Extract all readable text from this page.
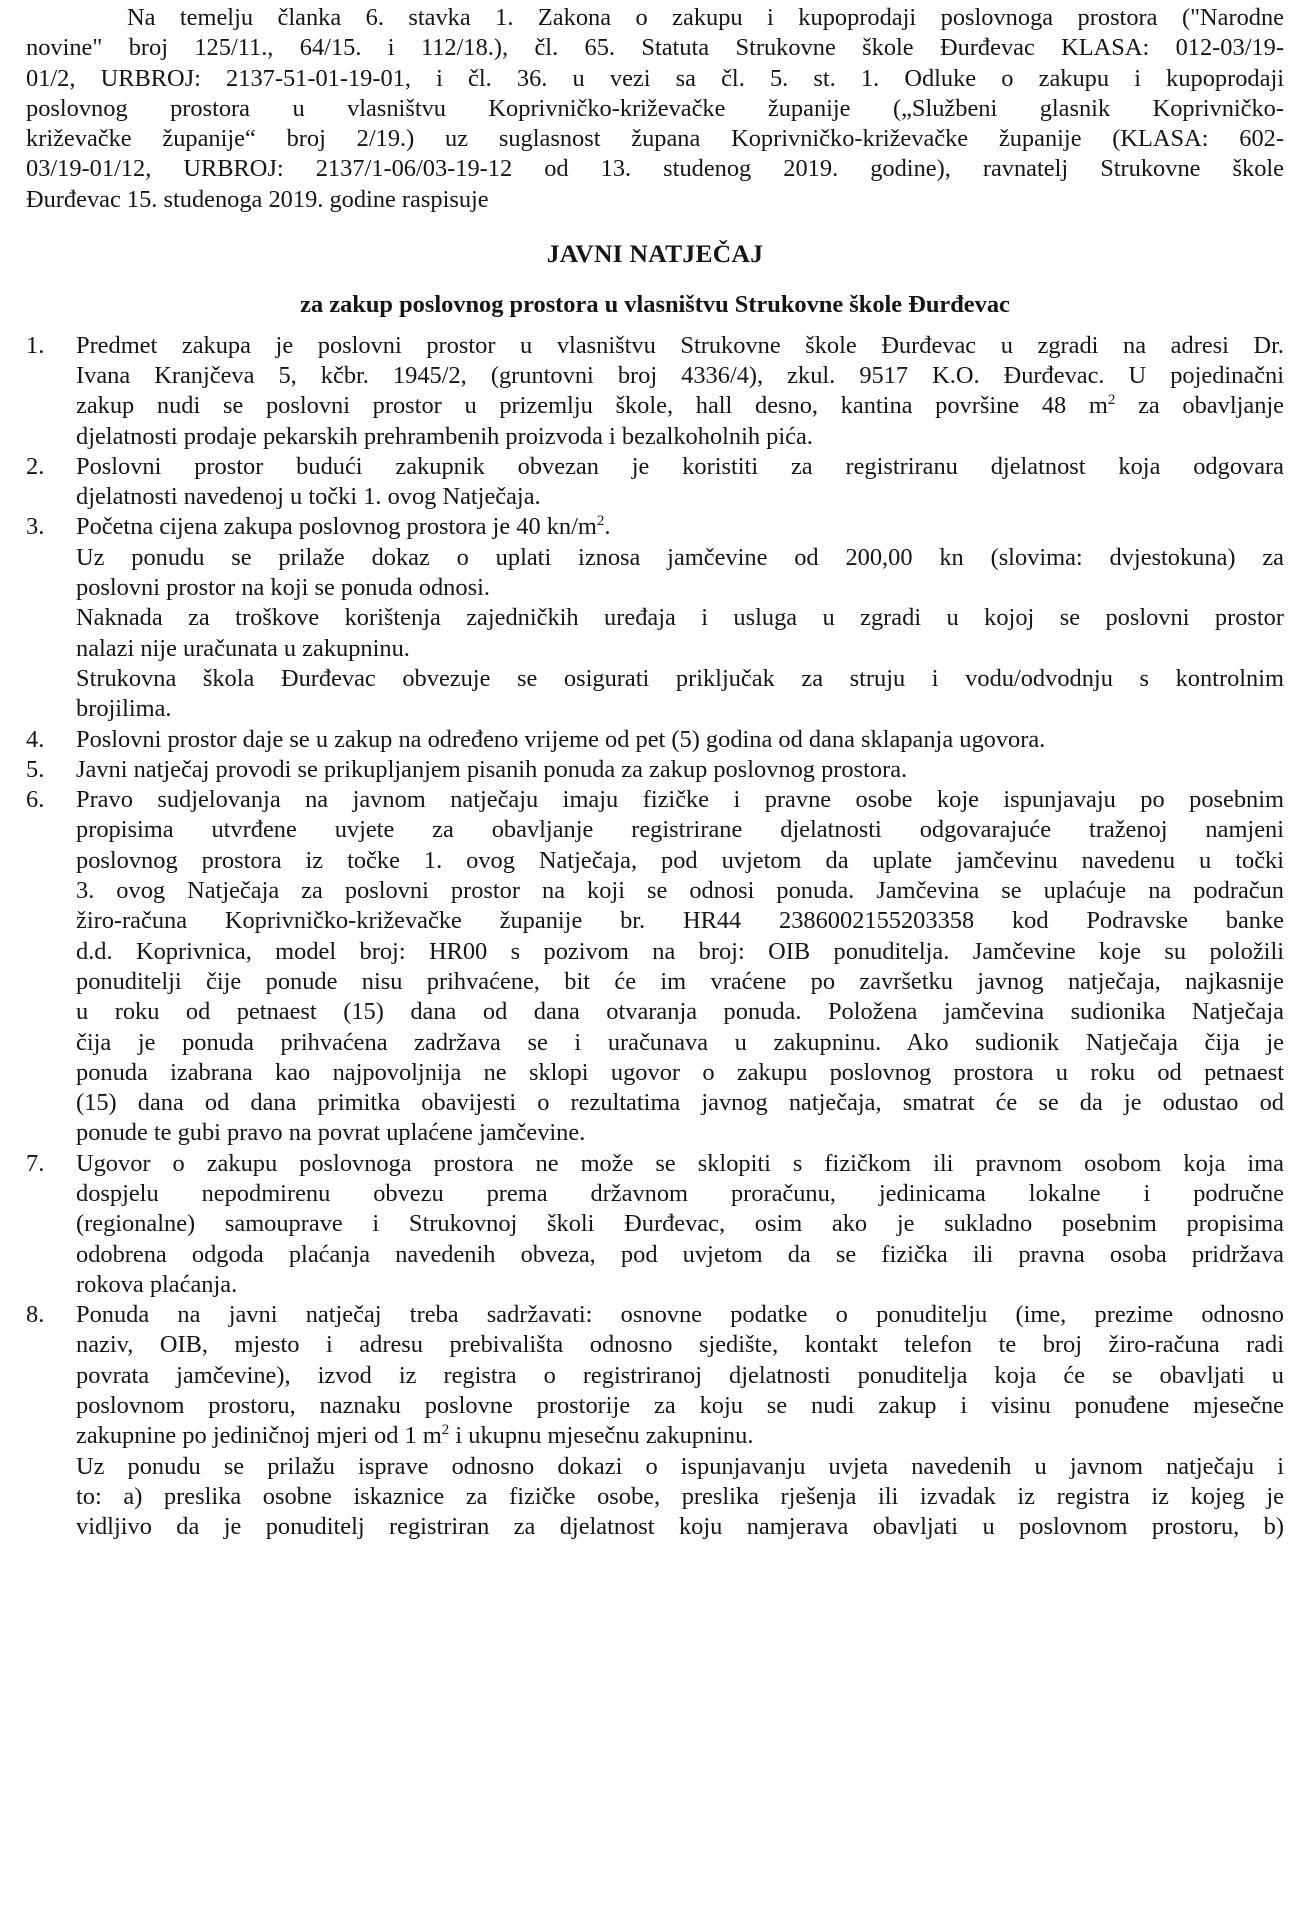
Na temelju članka 6. stavka 1. Zakona o zakupu i kupoprodaji poslovnoga prostora ("Narodne
novine" broj 125/11., 64/15. i 112/18.), čl. 65. Statuta Strukovne škole Đurđevac KLASA: 012-03/19-
01/2, URBROJ: 2137-51-01-19-01, i čl. 36. u vezi sa čl. 5. st. 1. Odluke o zakupu i kupoprodaji
poslovnog prostora u vlasništvu Koprivničko-križevačke županije („Službeni glasnik Koprivničko-
križevačke županije“ broj 2/19.) uz suglasnost župana Koprivničko-križevačke županije (KLASA: 602-
03/19-01/12, URBROJ: 2137/1-06/03-19-12 od 13. studenog 2019. godine), ravnatelj Strukovne škole
Đurđevac 15. studenoga 2019. godine raspisuje
JAVNI NATJEČAJ
za zakup poslovnog prostora u vlasništvu Strukovne škole Đurđevac
1.	Predmet zakupa je poslovni prostor u vlasništvu Strukovne škole Đurđevac u zgradi na adresi Dr.
Ivana Kranjčeva 5, kčbr. 1945/2, (gruntovni broj 4336/4), zkul. 9517 K.O. Đurđevac. U pojedinačni
zakup nudi se poslovni prostor u prizemlju škole, hall desno, kantina površine 48 $m^2$ za obavljanje
djelatnosti prodaje pekarskih prehrambenih proizvoda i bezalkoholnih pića.
2.	Poslovni prostor budući zakupnik obvezan je koristiti za registriranu djelatnost koja odgovara
djelatnosti navedenoj u točki 1. ovog Natječaja.
3.	Početna cijena zakupa poslovnog prostora je 40 $kn/m^2$.
Uz ponudu se prilaže dokaz o uplati iznosa jamčevine od 200,00 kn (slovima: dvjestokuna) za
poslovni prostor na koji se ponuda odnosi.
Naknada za troškove korištenja zajedničkih uređaja i usluga u zgradi u kojoj se poslovni prostor
nalazi nije uračunata u zakupninu.
Strukovna škola Đurđevac obvezuje se osigurati priključak za struju i vodu/odvodnju s kontrolnim
brojilima.
4.	Poslovni prostor daje se u zakup na određeno vrijeme od pet (5) godina od dana sklapanja ugovora.
5.	Javni natječaj provodi se prikupljanjem pisanih ponuda za zakup poslovnog prostora.
6.	Pravo sudjelovanja na javnom natječaju imaju fizičke i pravne osobe koje ispunjavaju po posebnim
propisima utvrđene uvjete za obavljanje registrirane djelatnosti odgovarajuće traženoj namjeni
poslovnog prostora iz točke 1. ovog Natječaja, pod uvjetom da uplate jamčevinu navedenu u točki
3. ovog Natječaja za poslovni prostor na koji se odnosi ponuda. Jamčevina se uplaćuje na podračun
žiro-računa Koprivničko-križevačke županije br. HR44 2386002155203358 kod Podravske banke
d.d. Koprivnica, model broj: HR00 s pozivom na broj: OIB ponuditelja. Jamčevine koje su položili
ponuditelji čije ponude nisu prihvaćene, bit će im vraćene po završetku javnog natječaja, najkasnije
u roku od petnaest (15) dana od dana otvaranja ponuda. Položena jamčevina sudionika Natječaja
čija je ponuda prihvaćena zadržava se i uračunava u zakupninu. Ako sudionik Natječaja čija je
ponuda izabrana kao najpovoljnija ne sklopi ugovor o zakupu poslovnog prostora u roku od petnaest
(15) dana od dana primitka obavijesti o rezultatima javnog natječaja, smatrat će se da je odustao od
ponude te gubi pravo na povrat uplaćene jamčevine.
7.	Ugovor o zakupu poslovnoga prostora ne može se sklopiti s fizičkom ili pravnom osobom koja ima
dospjelu nepodmirenu obvezu prema državnom proračunu, jedinicama lokalne i područne
(regionalne) samouprave i Strukovnoj školi Đurđevac, osim ako je sukladno posebnim propisima
odobrena odgoda plaćanja navedenih obveza, pod uvjetom da se fizička ili pravna osoba pridržava
rokova plaćanja.
8.	Ponuda na javni natječaj treba sadržavati: osnovne podatke o ponuditelju (ime, prezime odnosno
naziv, OIB, mjesto i adresu prebivališta odnosno sjedište, kontakt telefon te broj žiro-računa radi
povrata jamčevine), izvod iz registra o registriranoj djelatnosti ponuditelja koja će se obavljati u
poslovnom prostoru, naznaku poslovne prostorije za koju se nudi zakup i visinu ponuđene mjesečne
zakupnine po jediničnoj mjeri od 1 $m^2$ i ukupnu mjesečnu zakupninu.
Uz ponudu se prilažu isprave odnosno dokazi o ispunjavanju uvjeta navedenih u javnom natječaju i
to: a) preslika osobne iskaznice za fizičke osobe, preslika rješenja ili izvadak iz registra iz kojeg je
vidljivo da je ponuditelj registriran za djelatnost koju namjerava obavljati u poslovnom prostoru, b)
